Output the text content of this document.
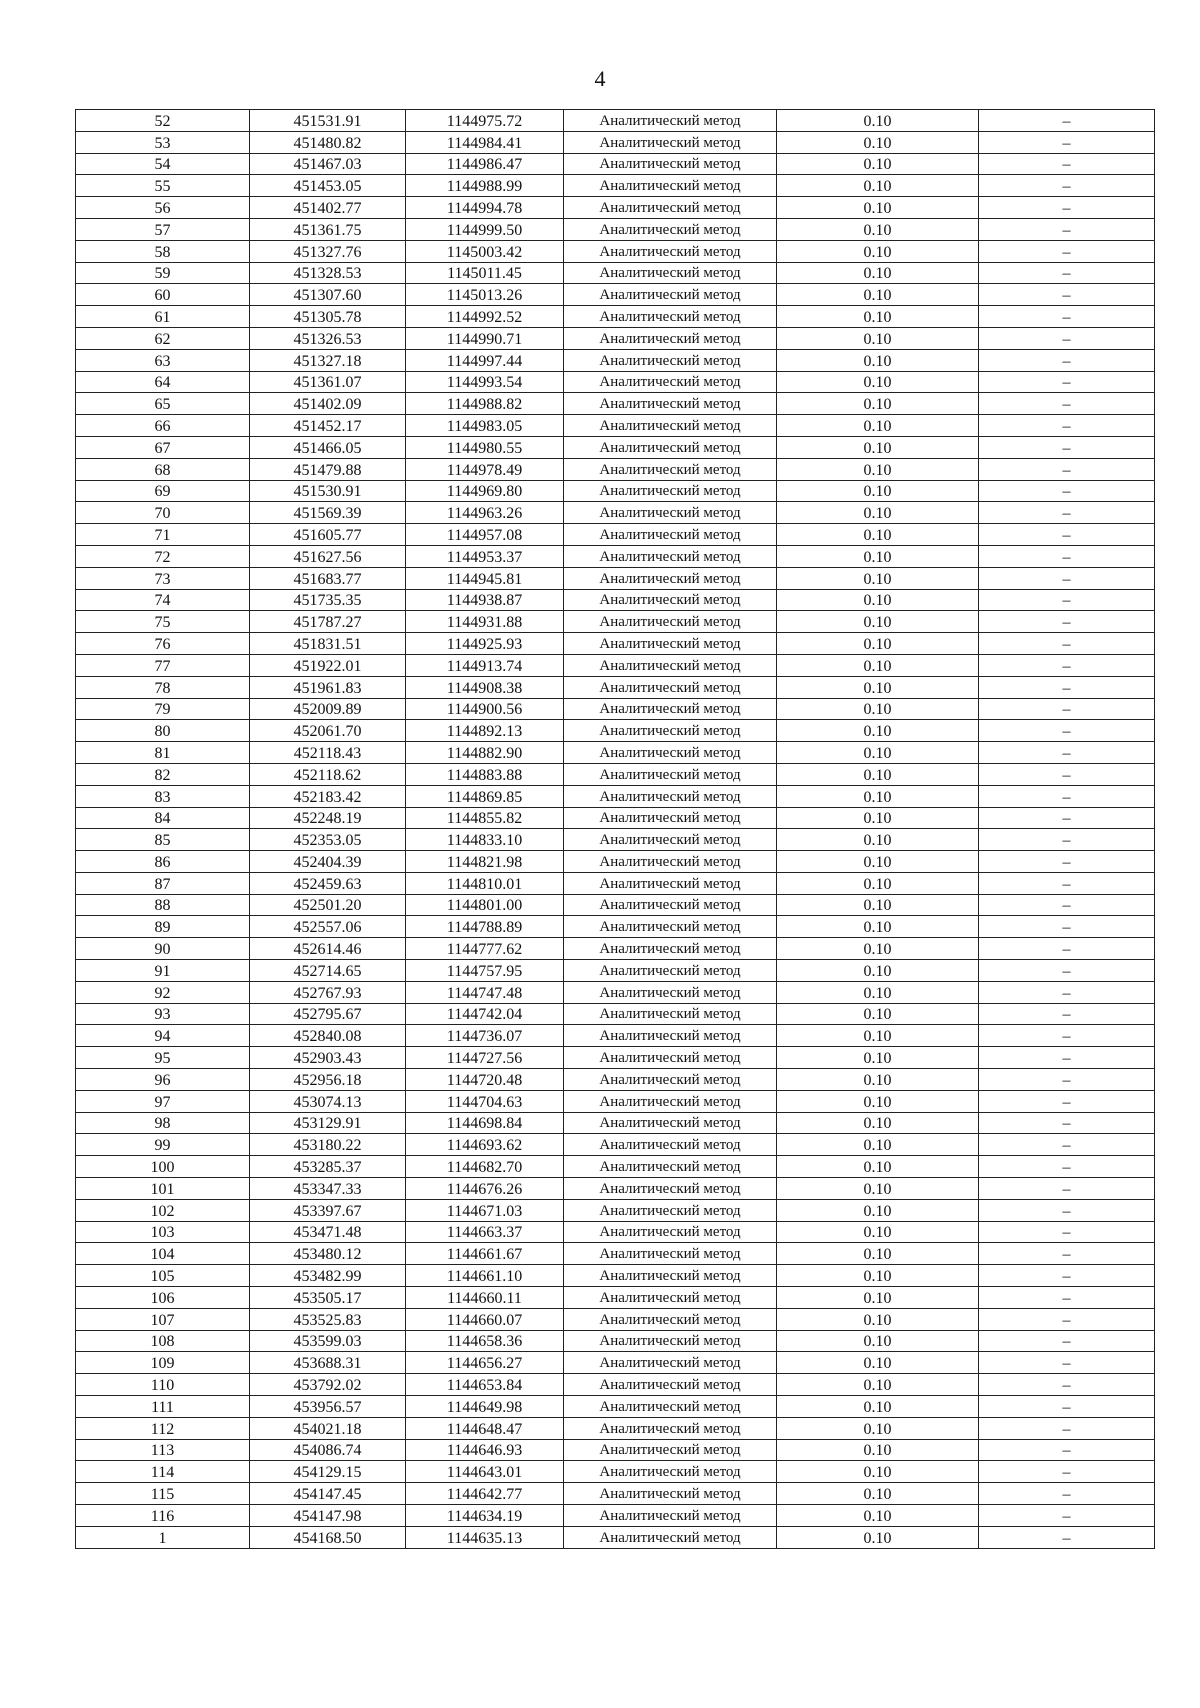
4
52	451531.91	1144975.72	Аналитический метод	0.10	–
53	451480.82	1144984.41	Аналитический метод	0.10	–
54	451467.03	1144986.47	Аналитический метод	0.10	–
55	451453.05	1144988.99	Аналитический метод	0.10	–
56	451402.77	1144994.78	Аналитический метод	0.10	–
57	451361.75	1144999.50	Аналитический метод	0.10	–
58	451327.76	1145003.42	Аналитический метод	0.10	–
59	451328.53	1145011.45	Аналитический метод	0.10	–
60	451307.60	1145013.26	Аналитический метод	0.10	–
61	451305.78	1144992.52	Аналитический метод	0.10	–
62	451326.53	1144990.71	Аналитический метод	0.10	–
63	451327.18	1144997.44	Аналитический метод	0.10	–
64	451361.07	1144993.54	Аналитический метод	0.10	–
65	451402.09	1144988.82	Аналитический метод	0.10	–
66	451452.17	1144983.05	Аналитический метод	0.10	–
67	451466.05	1144980.55	Аналитический метод	0.10	–
68	451479.88	1144978.49	Аналитический метод	0.10	–
69	451530.91	1144969.80	Аналитический метод	0.10	–
70	451569.39	1144963.26	Аналитический метод	0.10	–
71	451605.77	1144957.08	Аналитический метод	0.10	–
72	451627.56	1144953.37	Аналитический метод	0.10	–
73	451683.77	1144945.81	Аналитический метод	0.10	–
74	451735.35	1144938.87	Аналитический метод	0.10	–
75	451787.27	1144931.88	Аналитический метод	0.10	–
76	451831.51	1144925.93	Аналитический метод	0.10	–
77	451922.01	1144913.74	Аналитический метод	0.10	–
78	451961.83	1144908.38	Аналитический метод	0.10	–
79	452009.89	1144900.56	Аналитический метод	0.10	–
80	452061.70	1144892.13	Аналитический метод	0.10	–
81	452118.43	1144882.90	Аналитический метод	0.10	–
82	452118.62	1144883.88	Аналитический метод	0.10	–
83	452183.42	1144869.85	Аналитический метод	0.10	–
84	452248.19	1144855.82	Аналитический метод	0.10	–
85	452353.05	1144833.10	Аналитический метод	0.10	–
86	452404.39	1144821.98	Аналитический метод	0.10	–
87	452459.63	1144810.01	Аналитический метод	0.10	–
88	452501.20	1144801.00	Аналитический метод	0.10	–
89	452557.06	1144788.89	Аналитический метод	0.10	–
90	452614.46	1144777.62	Аналитический метод	0.10	–
91	452714.65	1144757.95	Аналитический метод	0.10	–
92	452767.93	1144747.48	Аналитический метод	0.10	–
93	452795.67	1144742.04	Аналитический метод	0.10	–
94	452840.08	1144736.07	Аналитический метод	0.10	–
95	452903.43	1144727.56	Аналитический метод	0.10	–
96	452956.18	1144720.48	Аналитический метод	0.10	–
97	453074.13	1144704.63	Аналитический метод	0.10	–
98	453129.91	1144698.84	Аналитический метод	0.10	–
99	453180.22	1144693.62	Аналитический метод	0.10	–
100	453285.37	1144682.70	Аналитический метод	0.10	–
101	453347.33	1144676.26	Аналитический метод	0.10	–
102	453397.67	1144671.03	Аналитический метод	0.10	–
103	453471.48	1144663.37	Аналитический метод	0.10	–
104	453480.12	1144661.67	Аналитический метод	0.10	–
105	453482.99	1144661.10	Аналитический метод	0.10	–
106	453505.17	1144660.11	Аналитический метод	0.10	–
107	453525.83	1144660.07	Аналитический метод	0.10	–
108	453599.03	1144658.36	Аналитический метод	0.10	–
109	453688.31	1144656.27	Аналитический метод	0.10	–
110	453792.02	1144653.84	Аналитический метод	0.10	–
111	453956.57	1144649.98	Аналитический метод	0.10	–
112	454021.18	1144648.47	Аналитический метод	0.10	–
113	454086.74	1144646.93	Аналитический метод	0.10	–
114	454129.15	1144643.01	Аналитический метод	0.10	–
115	454147.45	1144642.77	Аналитический метод	0.10	–
116	454147.98	1144634.19	Аналитический метод	0.10	–
1	454168.50	1144635.13	Аналитический метод	0.10	–
